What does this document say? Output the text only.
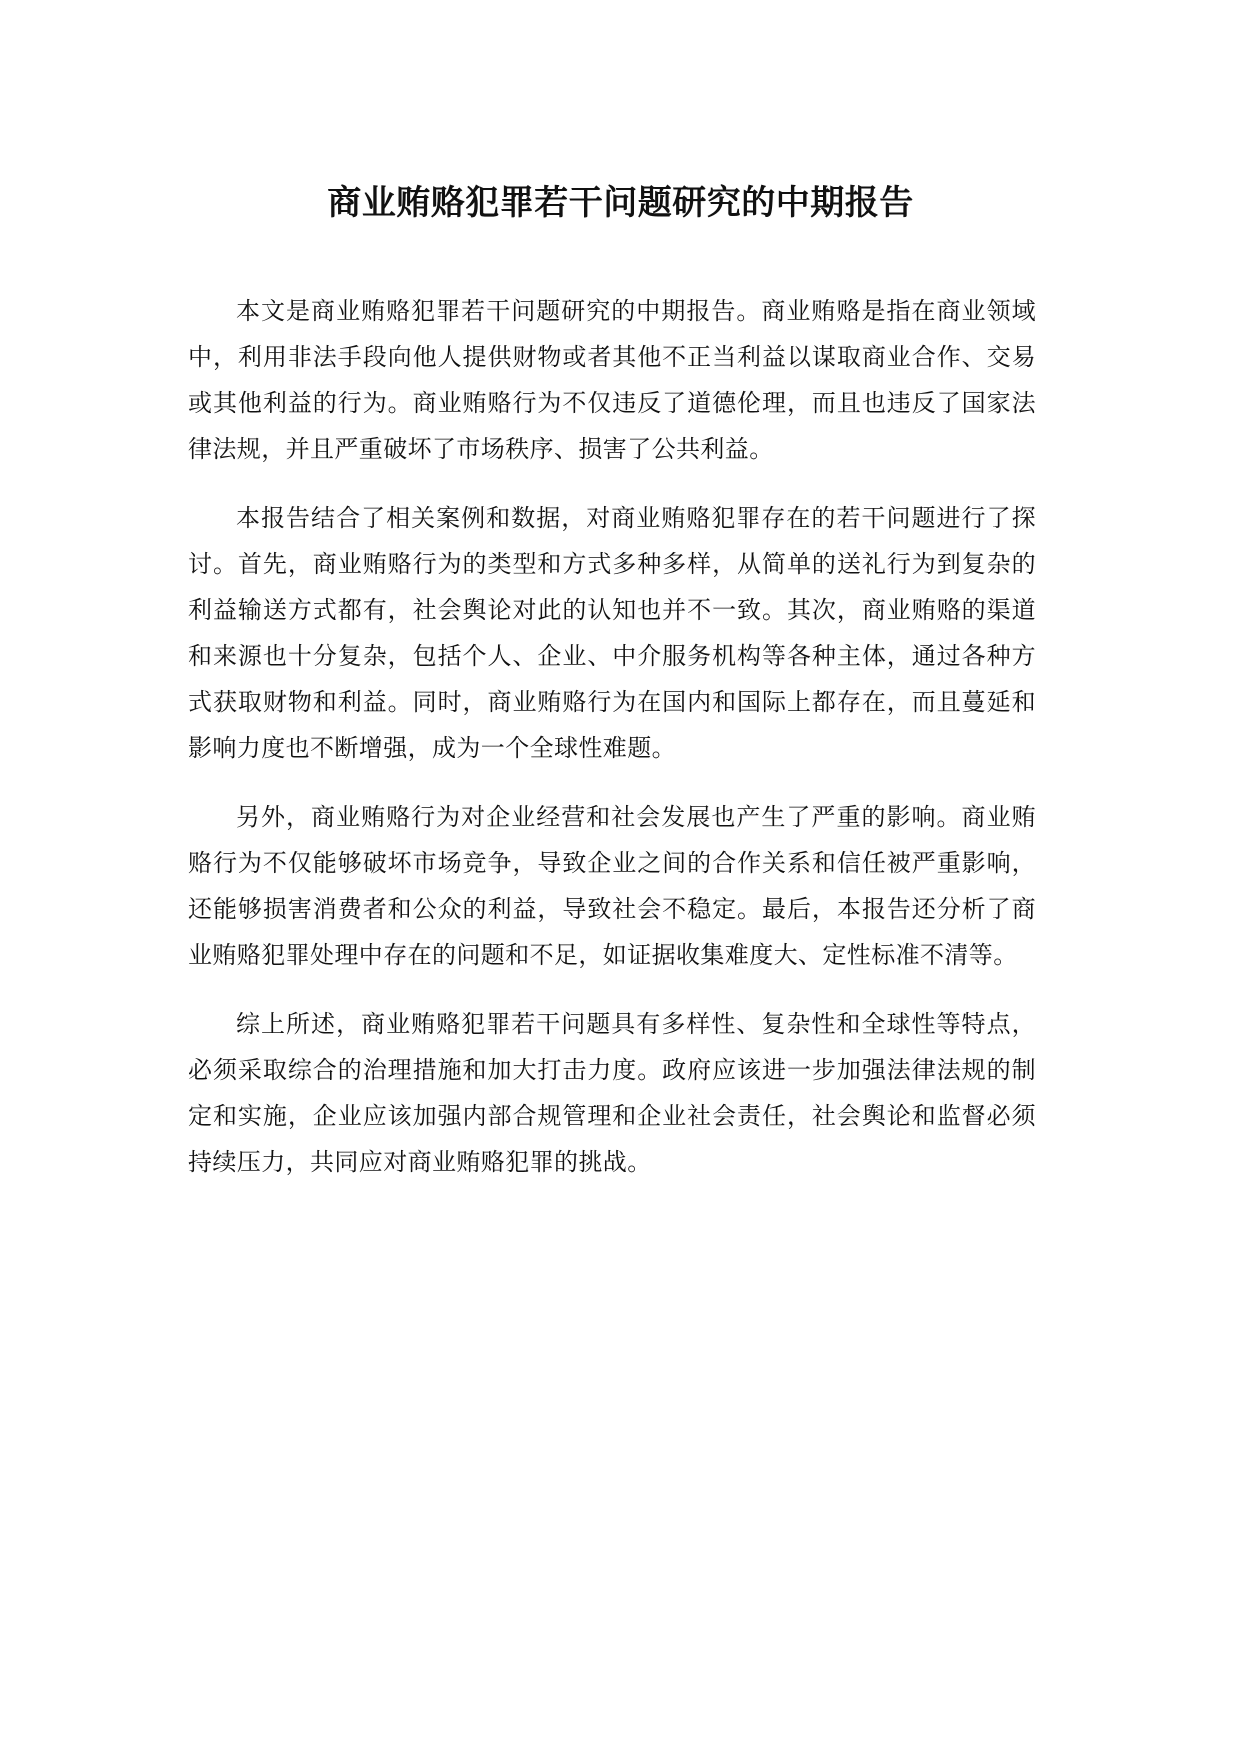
商业贿赂犯罪若干问题研究的中期报告

本文是商业贿赂犯罪若干问题研究的中期报告。商业贿赂是指在商业领域中，利用非法手段向他人提供财物或者其他不正当利益以谋取商业合作、交易或其他利益的行为。商业贿赂行为不仅违反了道德伦理，而且也违反了国家法律法规，并且严重破坏了市场秩序、损害了公共利益。

本报告结合了相关案例和数据，对商业贿赂犯罪存在的若干问题进行了探讨。首先，商业贿赂行为的类型和方式多种多样，从简单的送礼行为到复杂的利益输送方式都有，社会舆论对此的认知也并不一致。其次，商业贿赂的渠道和来源也十分复杂，包括个人、企业、中介服务机构等各种主体，通过各种方式获取财物和利益。同时，商业贿赂行为在国内和国际上都存在，而且蔓延和影响力度也不断增强，成为一个全球性难题。

另外，商业贿赂行为对企业经营和社会发展也产生了严重的影响。商业贿赂行为不仅能够破坏市场竞争，导致企业之间的合作关系和信任被严重影响，还能够损害消费者和公众的利益，导致社会不稳定。最后，本报告还分析了商业贿赂犯罪处理中存在的问题和不足，如证据收集难度大、定性标准不清等。

综上所述，商业贿赂犯罪若干问题具有多样性、复杂性和全球性等特点，必须采取综合的治理措施和加大打击力度。政府应该进一步加强法律法规的制定和实施，企业应该加强内部合规管理和企业社会责任，社会舆论和监督必须持续压力，共同应对商业贿赂犯罪的挑战。
